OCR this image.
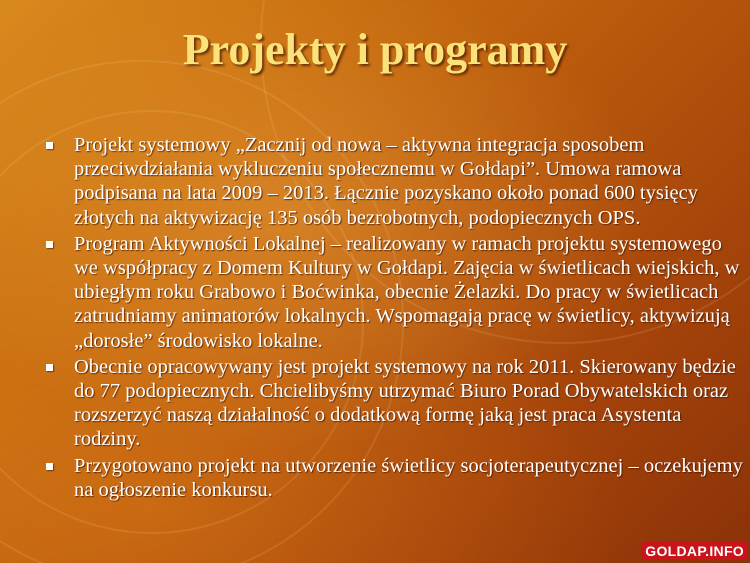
Projekty i programy
Projekt systemowy „Zacznij od nowa – aktywna integracja sposobem przeciwdziałania wykluczeniu społecznemu w Gołdapi”. Umowa ramowa podpisana na lata 2009 – 2013. Łącznie pozyskano około ponad 600 tysięcy złotych na aktywizację 135 osób bezrobotnych, podopiecznych OPS.
Program Aktywności Lokalnej – realizowany w ramach projektu systemowego we współpracy z Domem Kultury w Gołdapi. Zajęcia w świetlicach wiejskich, w ubiegłym roku Grabowo i Boćwinka, obecnie Żelazki. Do pracy w świetlicach zatrudniamy animatorów lokalnych. Wspomagają pracę w świetlicy, aktywizują „dorosłe” środowisko lokalne.
Obecnie opracowywany jest projekt systemowy na rok 2011. Skierowany będzie do 77 podopiecznych. Chcielibyśmy utrzymać Biuro Porad Obywatelskich oraz rozszerzyć naszą działalność o dodatkową formę jaką jest praca Asystenta rodziny.
Przygotowano projekt na utworzenie świetlicy socjoterapeutycznej – oczekujemy na ogłoszenie konkursu.
GOLDAP.INFO
